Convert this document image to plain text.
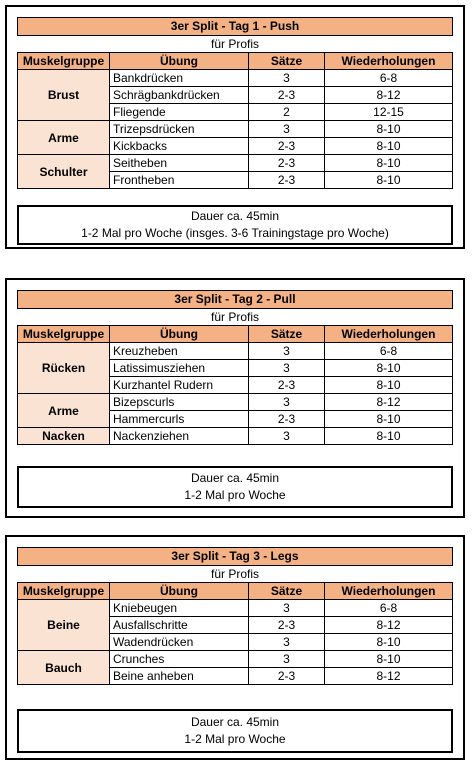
3er Split - Tag 1 - Push
für Profis
Muskelgruppe	Übung	Sätze	Wiederholungen
Brust	Bankdrücken	3	6-8
	Schrägbankdrücken	2-3	8-12
	Fliegende	2	12-15
Arme	Trizepsdrücken	3	8-10
	Kickbacks	2-3	8-10
Schulter	Seitheben	2-3	8-10
	Frontheben	2-3	8-10
Dauer ca. 45min
1-2 Mal pro Woche (insges. 3-6 Trainingstage pro Woche)
3er Split - Tag 2 - Pull
für Profis
Muskelgruppe	Übung	Sätze	Wiederholungen
Rücken	Kreuzheben	3	6-8
	Latissimusziehen	3	8-10
	Kurzhantel Rudern	2-3	8-10
Arme	Bizepscurls	3	8-12
	Hammercurls	2-3	8-10
Nacken	Nackenziehen	3	8-10
Dauer ca. 45min
1-2 Mal pro Woche
3er Split - Tag 3 - Legs
für Profis
Muskelgruppe	Übung	Sätze	Wiederholungen
Beine	Kniebeugen	3	6-8
	Ausfallschritte	2-3	8-12
	Wadendrücken	3	8-10
Bauch	Crunches	3	8-10
	Beine anheben	2-3	8-12
Dauer ca. 45min
1-2 Mal pro Woche
